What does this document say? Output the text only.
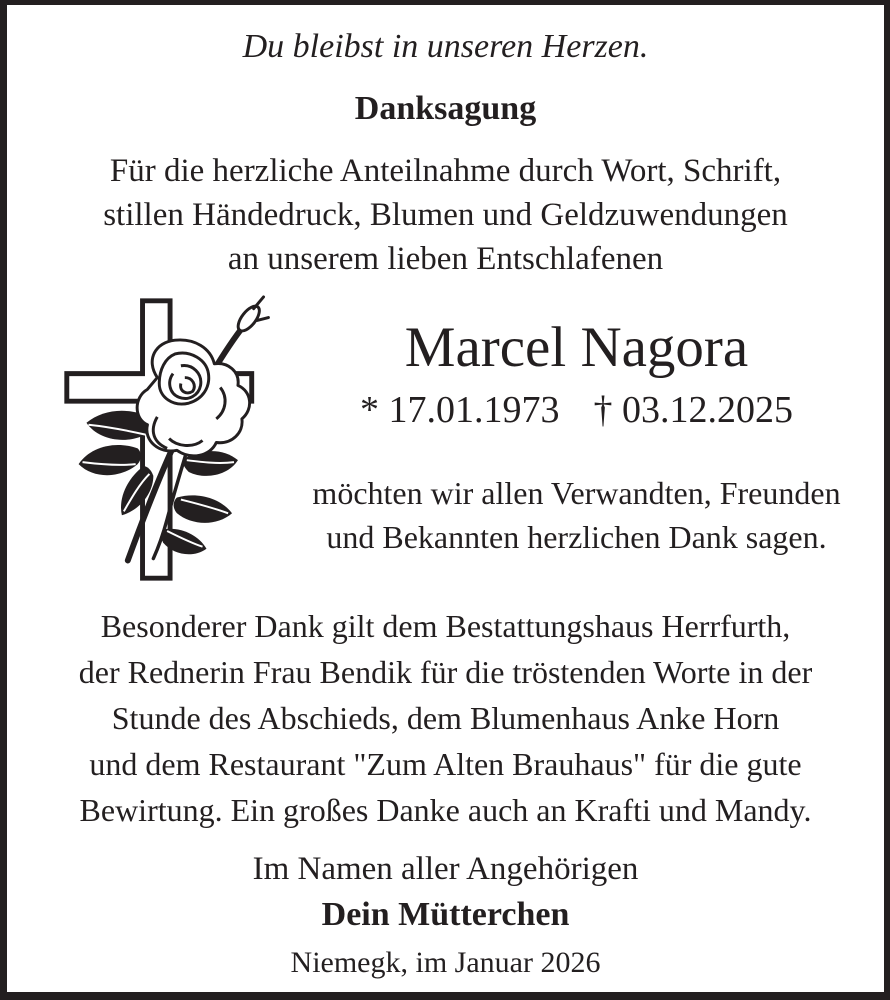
Du bleibst in unseren Herzen.
Danksagung
Für die herzliche Anteilnahme durch Wort, Schrift,
stillen Händedruck, Blumen und Geldzuwendungen
an unserem lieben Entschlafenen
Marcel Nagora
* 17.01.1973 † 03.12.2025
möchten wir allen Verwandten, Freunden
und Bekannten herzlichen Dank sagen.
Besonderer Dank gilt dem Bestattungshaus Herrfurth,
der Rednerin Frau Bendik für die tröstenden Worte in der
Stunde des Abschieds, dem Blumenhaus Anke Horn
und dem Restaurant "Zum Alten Brauhaus" für die gute
Bewirtung. Ein großes Danke auch an Krafti und Mandy.
Im Namen aller Angehörigen
Dein Mütterchen
Niemegk, im Januar 2026
